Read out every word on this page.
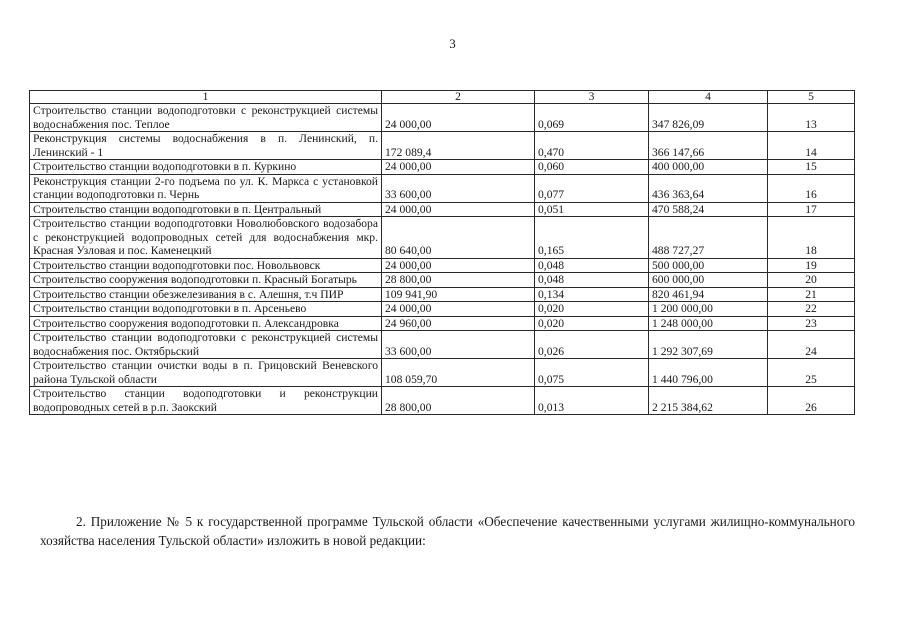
3
1	2	3	4	5
Строительство станции водоподготовки с реконструкцией системы водоснабжения пос. Теплое	24 000,00	0,069	347 826,09	13
Реконструкция системы водоснабжения в п. Ленинский, п. Ленинский - 1	172 089,4	0,470	366 147,66	14
Строительство станции водоподготовки в п. Куркино	24 000,00	0,060	400 000,00	15
Реконструкция станции 2-го подъема по ул. К. Маркса с установкой станции водоподготовки п. Чернь	33 600,00	0,077	436 363,64	16
Строительство станции водоподготовки в п. Центральный	24 000,00	0,051	470 588,24	17
Строительство станции водоподготовки Новолюбовского водозабора с реконструкцией водопроводных сетей для водоснабжения мкр. Красная Узловая и пос. Каменецкий	80 640,00	0,165	488 727,27	18
Строительство станции водоподготовки пос. Новольвовск	24 000,00	0,048	500 000,00	19
Строительство сооружения водоподготовки п. Красный Богатырь	28 800,00	0,048	600 000,00	20
Строительство станции обезжелезивания в с. Алешня, т.ч ПИР	109 941,90	0,134	820 461,94	21
Строительство станции водоподготовки в п. Арсеньево	24 000,00	0,020	1 200 000,00	22
Строительство сооружения водоподготовки п. Александровка	24 960,00	0,020	1 248 000,00	23
Строительство станции водоподготовки с реконструкцией системы водоснабжения пос. Октябрьский	33 600,00	0,026	1 292 307,69	24
Строительство станции очистки воды в п. Грицовский Веневского района Тульской области	108 059,70	0,075	1 440 796,00	25
Строительство станции водоподготовки и реконструкции водопроводных сетей в р.п. Заокский	28 800,00	0,013	2 215 384,62	26
2. Приложение № 5 к государственной программе Тульской области «Обеспечение качественными услугами жилищно-коммунального хозяйства населения Тульской области» изложить в новой редакции:
